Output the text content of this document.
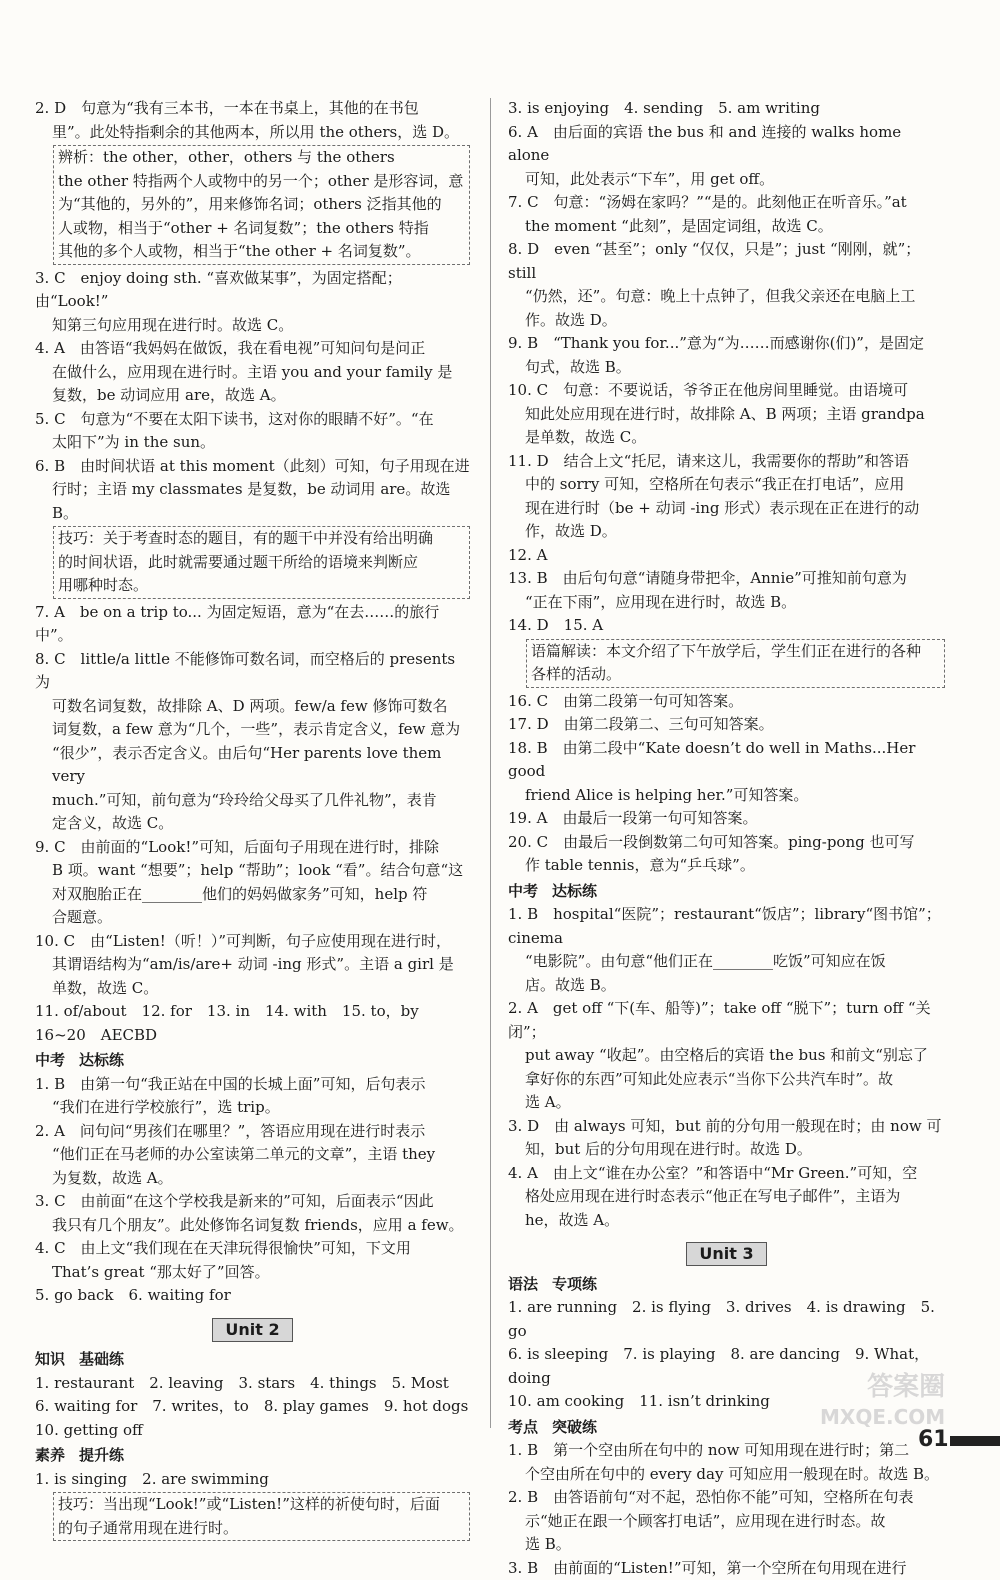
2. D　句意为“我有三本书，一本在书桌上，其他的在书包
里”。此处特指剩余的其他两本，所以用 the others，选 D。
辨析：the other，other，others 与 the others
the other 特指两个人或物中的另一个；other 是形容词，意
为“其他的，另外的”，用来修饰名词；others 泛指其他的
人或物，相当于“other + 名词复数”；the others 特指
其他的多个人或物，相当于“the other + 名词复数”。
3. C　enjoy doing sth. “喜欢做某事”，为固定搭配；由“Look!”
知第三句应用现在进行时。故选 C。
4. A　由答语“我妈妈在做饭，我在看电视”可知问句是问正
在做什么，应用现在进行时。主语 you and your family 是
复数，be 动词应用 are，故选 A。
5. C　句意为“不要在太阳下读书，这对你的眼睛不好”。“在
太阳下”为 in the sun。
6. B　由时间状语 at this moment（此刻）可知，句子用现在进
行时；主语 my classmates 是复数，be 动词用 are。故选 B。
技巧：关于考查时态的题目，有的题干中并没有给出明确
的时间状语，此时就需要通过题干所给的语境来判断应
用哪种时态。
7. A　be on a trip to... 为固定短语，意为“在去……的旅行中”。
8. C　little/a little 不能修饰可数名词，而空格后的 presents 为
可数名词复数，故排除 A、D 两项。few/a few 修饰可数名
词复数，a few 意为“几个，一些”，表示肯定含义，few 意为
“很少”，表示否定含义。由后句“Her parents love them very
much.”可知，前句意为“玲玲给父母买了几件礼物”，表肯
定含义，故选 C。
9. C　由前面的“Look!”可知，后面句子用现在进行时，排除
B 项。want “想要”；help “帮助”；look “看”。结合句意“这
对双胞胎正在________他们的妈妈做家务”可知，help 符
合题意。
10. C　由“Listen!（听！）”可判断，句子应使用现在进行时，
其谓语结构为“am/is/are+ 动词 -ing 形式”。主语 a girl 是
单数，故选 C。
11. of/about　12. for　13. in　14. with　15. to，by
16~20　AECBD
中考 达标练
1. B　由第一句“我正站在中国的长城上面”可知，后句表示
“我们在进行学校旅行”，选 trip。
2. A　问句问“男孩们在哪里？”，答语应用现在进行时表示
“他们正在马老师的办公室读第二单元的文章”，主语 they
为复数，故选 A。
3. C　由前面“在这个学校我是新来的”可知，后面表示“因此
我只有几个朋友”。此处修饰名词复数 friends，应用 a few。
4. C　由上文“我们现在在天津玩得很愉快”可知，下文用
That’s great “那太好了”回答。
5. go back　6. waiting for
Unit 2
知识 基础练
1. restaurant　2. leaving　3. stars　4. things　5. Most
6. waiting for　7. writes，to　8. play games　9. hot dogs
10. getting off
素养 提升练
1. is singing　2. are swimming
技巧：当出现“Look!”或“Listen!”这样的祈使句时，后面
的句子通常用现在进行时。
3. is enjoying　4. sending　5. am writing
6. A　由后面的宾语 the bus 和 and 连接的 walks home alone
可知，此处表示“下车”，用 get off。
7. C　句意：“汤姆在家吗？”“是的。此刻他正在听音乐。”at
the moment “此刻”，是固定词组，故选 C。
8. D　even “甚至”；only “仅仅，只是”；just “刚刚，就”；still
“仍然，还”。句意：晚上十点钟了，但我父亲还在电脑上工
作。故选 D。
9. B　“Thank you for...”意为“为……而感谢你(们)”，是固定
句式，故选 B。
10. C　句意：不要说话，爷爷正在他房间里睡觉。由语境可
知此处应用现在进行时，故排除 A、B 两项；主语 grandpa
是单数，故选 C。
11. D　结合上文“托尼，请来这儿，我需要你的帮助”和答语
中的 sorry 可知，空格所在句表示“我正在打电话”，应用
现在进行时（be + 动词 -ing 形式）表示现在正在进行的动
作，故选 D。
12. A
13. B　由后句句意“请随身带把伞，Annie”可推知前句意为
“正在下雨”，应用现在进行时，故选 B。
14. D　15. A
语篇解读：本文介绍了下午放学后，学生们正在进行的各种
各样的活动。
16. C　由第二段第一句可知答案。
17. D　由第二段第二、三句可知答案。
18. B　由第二段中“Kate doesn’t do well in Maths...Her good
friend Alice is helping her.”可知答案。
19. A　由最后一段第一句可知答案。
20. C　由最后一段倒数第二句可知答案。ping-pong 也可写
作 table tennis，意为“乒乓球”。
中考 达标练
1. B　hospital“医院”；restaurant“饭店”；library“图书馆”；cinema
“电影院”。由句意“他们正在________吃饭”可知应在饭
店。故选 B。
2. A　get off “下(车、船等)”；take off “脱下”；turn off “关闭”；
put away “收起”。由空格后的宾语 the bus 和前文“别忘了
拿好你的东西”可知此处应表示“当你下公共汽车时”。故
选 A。
3. D　由 always 可知，but 前的分句用一般现在时；由 now 可
知，but 后的分句用现在进行时。故选 D。
4. A　由上文“谁在办公室？”和答语中“Mr Green.”可知，空
格处应用现在进行时态表示“他正在写电子邮件”，主语为
he，故选 A。
Unit 3
语法 专项练
1. are running　2. is flying　3. drives　4. is drawing　5. go
6. is sleeping　7. is playing　8. are dancing　9. What，doing
10. am cooking　11. isn’t drinking
考点 突破练
1. B　第一个空由所在句中的 now 可知用现在进行时；第二
个空由所在句中的 every day 可知应用一般现在时。故选 B。
2. B　由答语前句“对不起，恐怕你不能”可知，空格所在句表
示“她正在跟一个顾客打电话”，应用现在进行时态。故
选 B。
3. B　由前面的“Listen!”可知，第一个空所在句用现在进行
答案圈
MXQE.COM
61
